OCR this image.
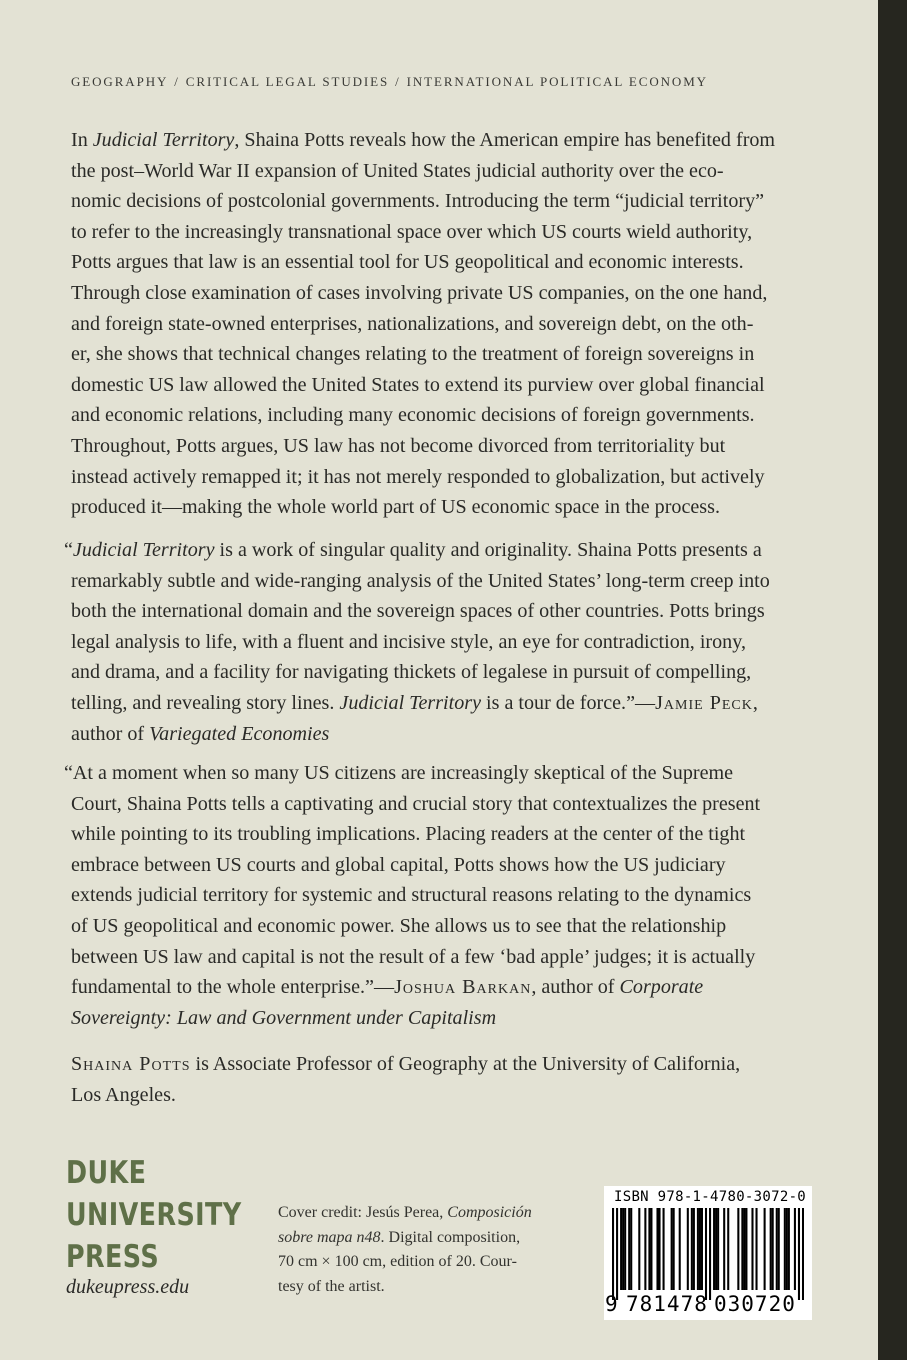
GEOGRAPHY / CRITICAL LEGAL STUDIES / INTERNATIONAL POLITICAL ECONOMY
In Judicial Territory, Shaina Potts reveals how the American empire has benefited from
the post–World War II expansion of United States judicial authority over the eco-
nomic decisions of postcolonial governments. Introducing the term “judicial territory”
to refer to the increasingly transnational space over which US courts wield authority,
Potts argues that law is an essential tool for US geopolitical and economic interests.
Through close examination of cases involving private US companies, on the one hand,
and foreign state-owned enterprises, nationalizations, and sovereign debt, on the oth-
er, she shows that technical changes relating to the treatment of foreign sovereigns in
domestic US law allowed the United States to extend its purview over global financial
and economic relations, including many economic decisions of foreign governments.
Throughout, Potts argues, US law has not become divorced from territoriality but
instead actively remapped it; it has not merely responded to globalization, but actively
produced it—making the whole world part of US economic space in the process.
“Judicial Territory is a work of singular quality and originality. Shaina Potts presents a
remarkably subtle and wide-ranging analysis of the United States’ long-term creep into
both the international domain and the sovereign spaces of other countries. Potts brings
legal analysis to life, with a fluent and incisive style, an eye for contradiction, irony,
and drama, and a facility for navigating thickets of legalese in pursuit of compelling,
telling, and revealing story lines. Judicial Territory is a tour de force.”—Jamie Peck,
author of Variegated Economies
“At a moment when so many US citizens are increasingly skeptical of the Supreme
Court, Shaina Potts tells a captivating and crucial story that contextualizes the present
while pointing to its troubling implications. Placing readers at the center of the tight
embrace between US courts and global capital, Potts shows how the US judiciary
extends judicial territory for systemic and structural reasons relating to the dynamics
of US geopolitical and economic power. She allows us to see that the relationship
between US law and capital is not the result of a few ‘bad apple’ judges; it is actually
fundamental to the whole enterprise.”—Joshua Barkan, author of Corporate
Sovereignty: Law and Government under Capitalism
Shaina Potts is Associate Professor of Geography at the University of California,
Los Angeles.
DUKE
UNIVERSITY
PRESS
dukeupress.edu
Cover credit: Jesús Perea, Composición
sobre mapa n48. Digital composition,
70 cm × 100 cm, edition of 20. Cour-
tesy of the artist.
ISBN 978-1-4780-3072-0
9 781478 030720
